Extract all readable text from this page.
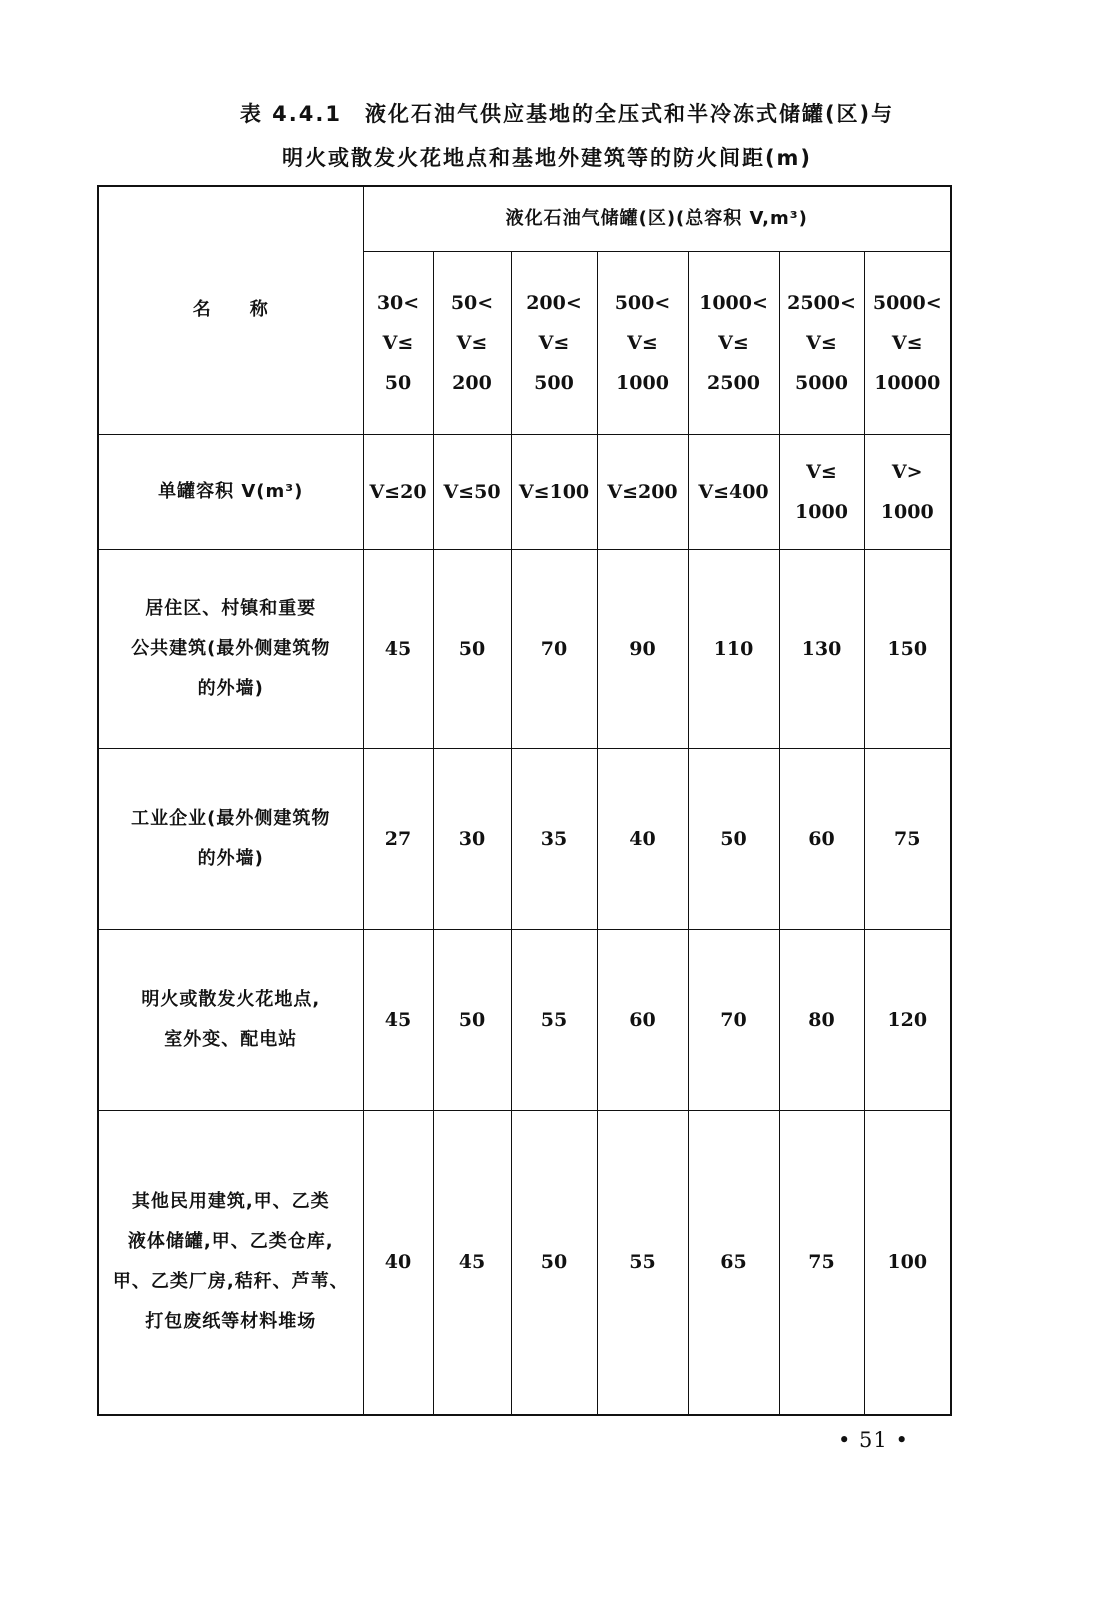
表 4.4.1　液化石油气供应基地的全压式和半冷冻式储罐(区)与
明火或散发火花地点和基地外建筑等的防火间距(m)
名　　称	液化石油气储罐(区)(总容积 V,m³)						

	30<
V≤
50	50<
V≤
200	200<
V≤
500	500<
V≤
1000	1000<
V≤
2500	2500<
V≤
5000	5000<
V≤
10000

单罐容积 V(m³)	V≤20	V≤50	V≤100	V≤200	V≤400	V≤
1000	V>
1000

居住区、村镇和重要
公共建筑(最外侧建筑物
的外墙)	45	50	70	90	110	130	150

工业企业(最外侧建筑物
的外墙)	27	30	35	40	50	60	75

明火或散发火花地点,
室外变、配电站	45	50	55	60	70	80	120

其他民用建筑,甲、乙类
液体储罐,甲、乙类仓库,
甲、乙类厂房,秸秆、芦苇、
打包废纸等材料堆场	40	45	50	55	65	75	100
• 51 •
